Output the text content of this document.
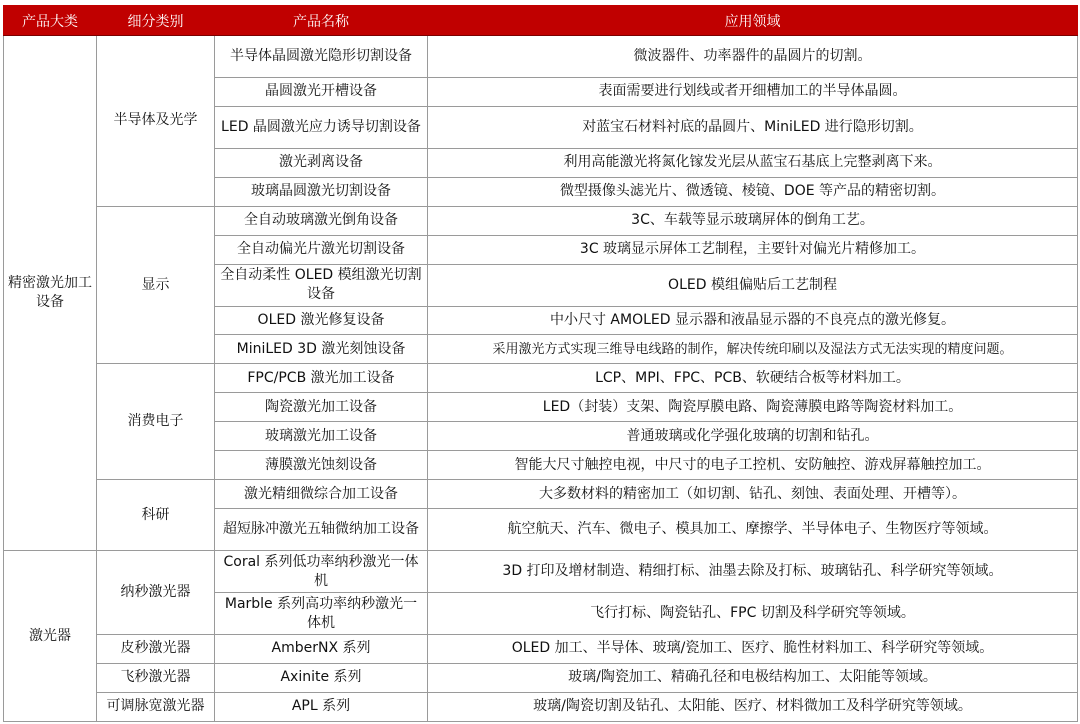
产品大类	细分类别	产品名称	应用领域
精密激光加工设备	半导体及光学	半导体晶圆激光隐形切割设备	微波器件、功率器件的晶圆片的切割。
		晶圆激光开槽设备	表面需要进行划线或者开细槽加工的半导体晶圆。
		LED 晶圆激光应力诱导切割设备	对蓝宝石材料衬底的晶圆片、MiniLED 进行隐形切割。
		激光剥离设备	利用高能激光将氮化镓发光层从蓝宝石基底上完整剥离下来。
		玻璃晶圆激光切割设备	微型摄像头滤光片、微透镜、棱镜、DOE 等产品的精密切割。
	显示	全自动玻璃激光倒角设备	3C、车载等显示玻璃屏体的倒角工艺。
		全自动偏光片激光切割设备	3C 玻璃显示屏体工艺制程，主要针对偏光片精修加工。
		全自动柔性 OLED 模组激光切割设备	OLED 模组偏贴后工艺制程
		OLED 激光修复设备	中小尺寸 AMOLED 显示器和液晶显示器的不良亮点的激光修复。
		MiniLED 3D 激光刻蚀设备	采用激光方式实现三维导电线路的制作，解决传统印刷以及湿法方式无法实现的精度问题。
	消费电子	FPC/PCB 激光加工设备	LCP、MPI、FPC、PCB、软硬结合板等材料加工。
		陶瓷激光加工设备	LED（封装）支架、陶瓷厚膜电路、陶瓷薄膜电路等陶瓷材料加工。
		玻璃激光加工设备	普通玻璃或化学强化玻璃的切割和钻孔。
		薄膜激光蚀刻设备	智能大尺寸触控电视，中尺寸的电子工控机、安防触控、游戏屏幕触控加工。
	科研	激光精细微综合加工设备	大多数材料的精密加工（如切割、钻孔、刻蚀、表面处理、开槽等）。
		超短脉冲激光五轴微纳加工设备	航空航天、汽车、微电子、模具加工、摩擦学、半导体电子、生物医疗等领域。
激光器	纳秒激光器	Coral 系列低功率纳秒激光一体机	3D 打印及增材制造、精细打标、油墨去除及打标、玻璃钻孔、科学研究等领域。
		Marble 系列高功率纳秒激光一体机	飞行打标、陶瓷钻孔、FPC 切割及科学研究等领域。
	皮秒激光器	AmberNX 系列	OLED 加工、半导体、玻璃/瓷加工、医疗、脆性材料加工、科学研究等领域。
	飞秒激光器	Axinite 系列	玻璃/陶瓷加工、精确孔径和电极结构加工、太阳能等领域。
	可调脉宽激光器	APL 系列	玻璃/陶瓷切割及钻孔、太阳能、医疗、材料微加工及科学研究等领域。
